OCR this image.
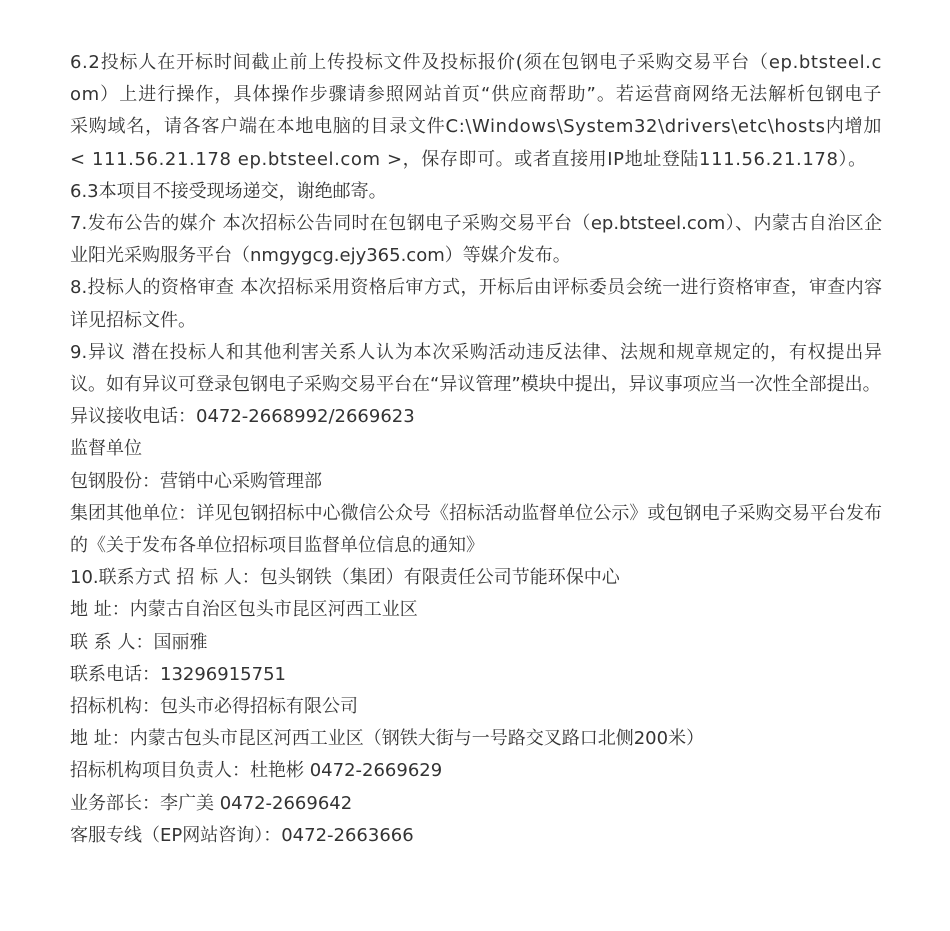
6.2投标人在开标时间截止前上传投标文件及投标报价(须在包钢电子采购交易平台（ep.btsteel.com）上进行操作，具体操作步骤请参照网站首页“供应商帮助”。若运营商网络无法解析包钢电子采购域名，请各客户端在本地电脑的目录文件C:\Windows\System32\drivers\etc\hosts内增加< 111.56.21.178 ep.btsteel.com >，保存即可。或者直接用IP地址登陆111.56.21.178）。

6.3本项目不接受现场递交，谢绝邮寄。

7.发布公告的媒介 本次招标公告同时在包钢电子采购交易平台（ep.btsteel.com）、内蒙古自治区企业阳光采购服务平台（nmgygcg.ejy365.com）等媒介发布。

8.投标人的资格审查 本次招标采用资格后审方式，开标后由评标委员会统一进行资格审查，审查内容详见招标文件。

9.异议 潜在投标人和其他利害关系人认为本次采购活动违反法律、法规和规章规定的，有权提出异议。如有异议可登录包钢电子采购交易平台在“异议管理”模块中提出，异议事项应当一次性全部提出。

异议接收电话：0472-2668992/2669623

监督单位

包钢股份：营销中心采购管理部

集团其他单位：详见包钢招标中心微信公众号《招标活动监督单位公示》或包钢电子采购交易平台发布的《关于发布各单位招标项目监督单位信息的通知》

10.联系方式 招 标 人：包头钢铁（集团）有限责任公司节能环保中心

地 址：内蒙古自治区包头市昆区河西工业区

联 系 人：国丽雅

联系电话：13296915751

招标机构：包头市必得招标有限公司

地 址：内蒙古包头市昆区河西工业区（钢铁大街与一号路交叉路口北侧200米）

招标机构项目负责人：杜艳彬 0472-2669629

业务部长：李广美 0472-2669642

客服专线（EP网站咨询）：0472-2663666
